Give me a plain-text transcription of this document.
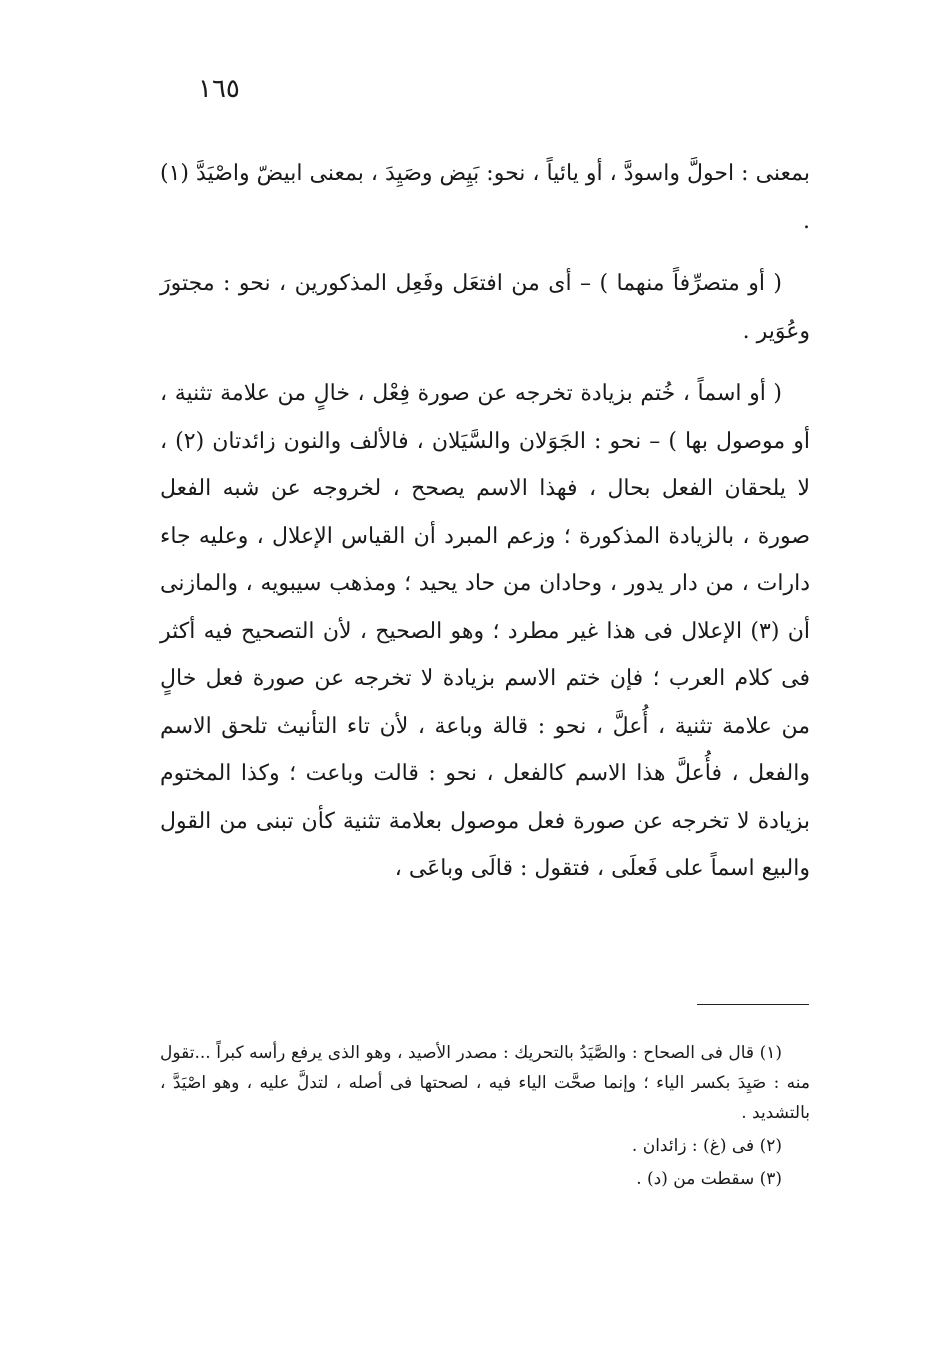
١٦٥

بمعنى : احولَّ واسودَّ ، أو يائياً ، نحو: بَيِض وصَيِدَ ، بمعنى ابيضّ واصْيَدَّ (١) .

( أو متصرِّفاً منهما ) – أى من افتعَل وفَعِل المذكورين ، نحو : مجتورَ وعُوَير .

( أو اسماً ، خُتم بزيادة تخرجه عن صورة فِعْل ، خالٍ من علامة تثنية ، أو موصول بها ) – نحو : الجَوَلان والسَّيَلان ، فالألف والنون زائدتان (٢) ، لا يلحقان الفعل بحال ، فهذا الاسم يصحح ، لخروجه عن شبه الفعل صورة ، بالزيادة المذكورة ؛ وزعم المبرد أن القياس الإعلال ، وعليه جاء دارات ، من دار يدور ، وحادان من حاد يحيد ؛ ومذهب سيبويه ، والمازنى أن (٣) الإعلال فى هذا غير مطرد ؛ وهو الصحيح ، لأن التصحيح فيه أكثر فى كلام العرب ؛ فإن ختم الاسم بزيادة لا تخرجه عن صورة فعل خالٍ من علامة تثنية ، أُعلَّ ، نحو : قالة وباعة ، لأن تاء التأنيث تلحق الاسم والفعل ، فأُعلَّ هذا الاسم كالفعل ، نحو : قالت وباعت ؛ وكذا المختوم بزيادة لا تخرجه عن صورة فعل موصول بعلامة تثنية كأن تبنى من القول والبيع اسماً على فَعلَى ، فتقول : قالَى وباعَى ،

(١) قال فى الصحاح : والصَّيَدُ بالتحريك : مصدر الأصيد ، وهو الذى يرفع رأسه كبراً ...تقول منه : صَيِدَ بكسر الياء ؛ وإنما صحَّت الياء فيه ، لصحتها فى أصله ، لتدلَّ عليه ، وهو اصْيَدَّ ، بالتشديد .

(٢) فى (غ) : زائدان .

(٣) سقطت من (د) .
